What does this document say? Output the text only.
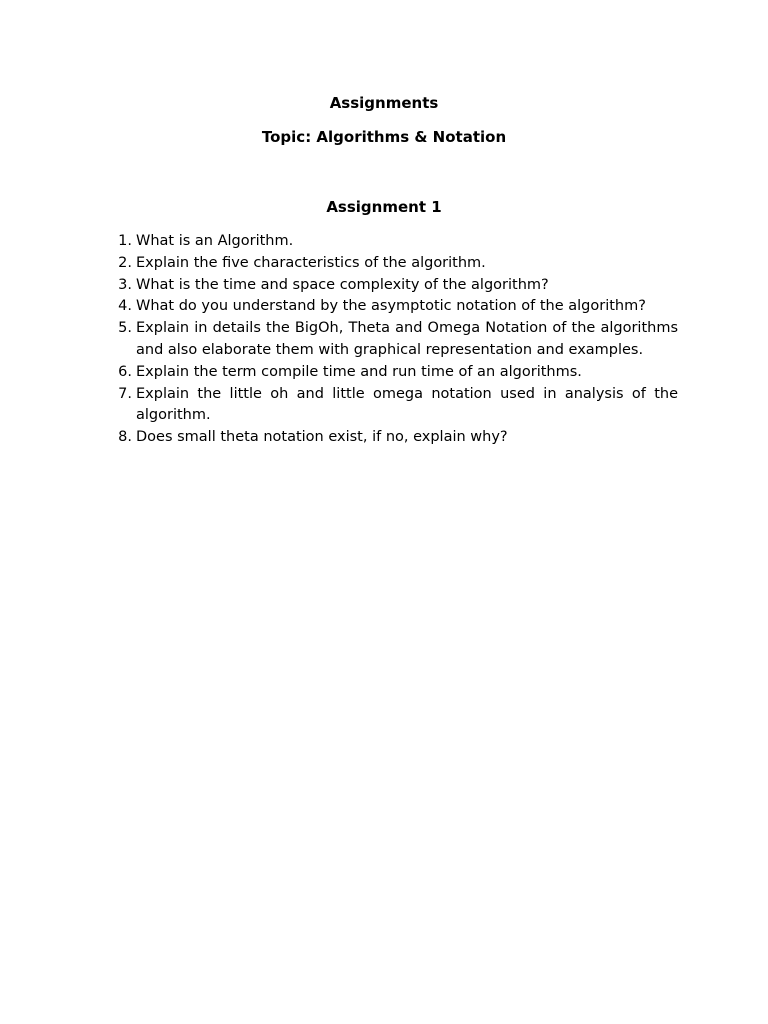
Assignments
Topic: Algorithms & Notation
Assignment 1
1. What is an Algorithm.
2. Explain the five characteristics of the algorithm.
3. What is the time and space complexity of the algorithm?
4. What do you understand by the asymptotic notation of the algorithm?
5. Explain in details the BigOh, Theta and Omega Notation of the algorithms and also elaborate them with graphical representation and examples.
6. Explain the term compile time and run time of an algorithms.
7. Explain the little oh and little omega notation used in analysis of the algorithm.
8. Does small theta notation exist, if no, explain why?
